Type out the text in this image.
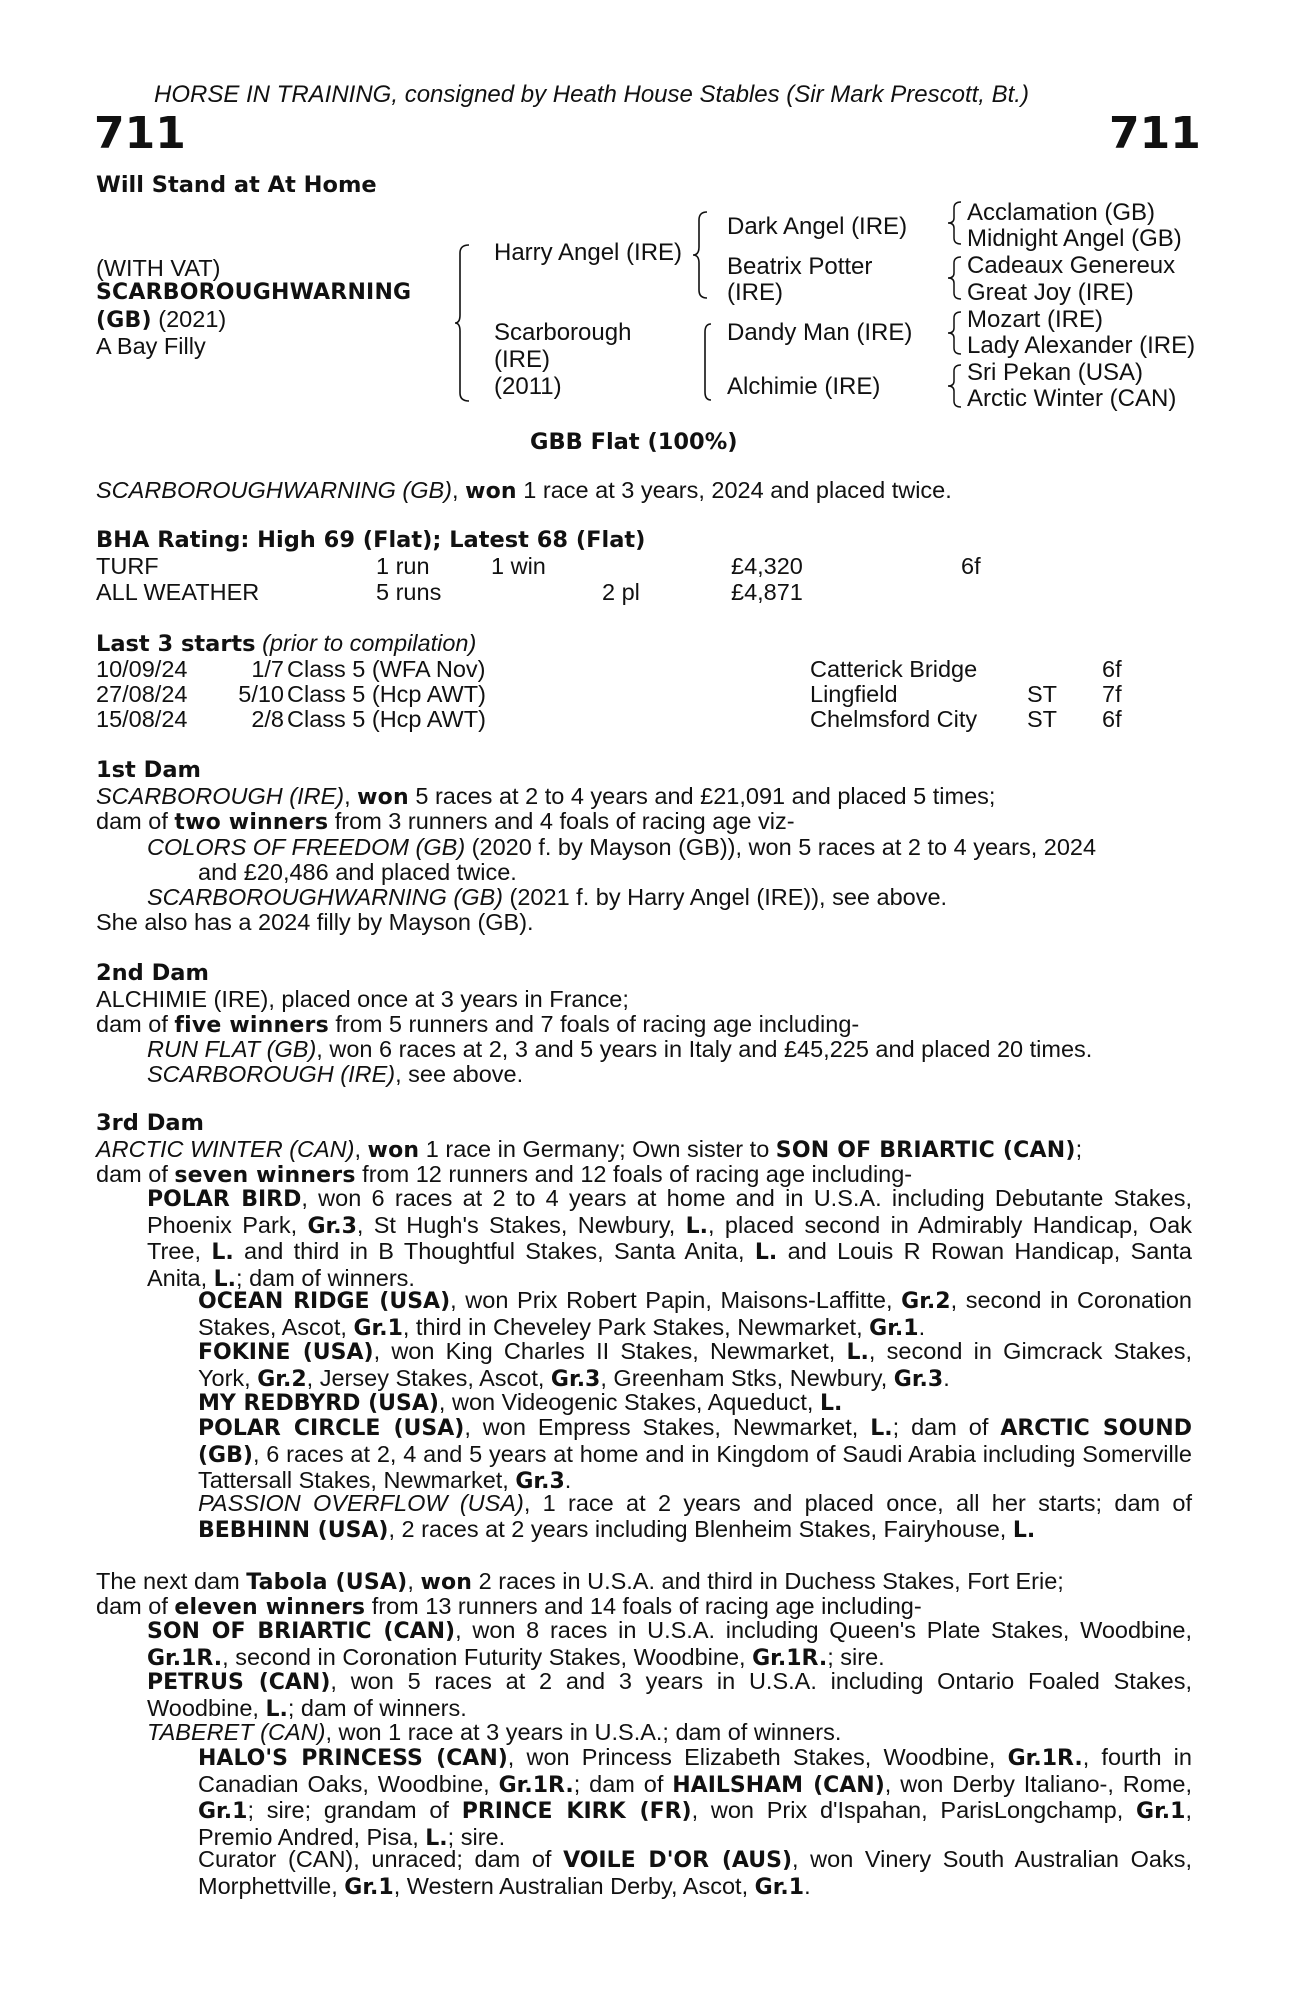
HORSE IN TRAINING, consigned by Heath House Stables (Sir Mark Prescott, Bt.)
711	711
Will Stand at At Home
(WITH VAT)
SCARBOROUGHWARNING
(GB) (2021)
A Bay Filly
Harry Angel (IRE)
Scarborough
(IRE)
(2011)
Dark Angel (IRE)
Beatrix Potter
(IRE)
Dandy Man (IRE)
Alchimie (IRE)
Acclamation (GB)
Midnight Angel (GB)
Cadeaux Genereux
Great Joy (IRE)
Mozart (IRE)
Lady Alexander (IRE)
Sri Pekan (USA)
Arctic Winter (CAN)
GBB Flat (100%)
SCARBOROUGHWARNING (GB), won 1 race at 3 years, 2024 and placed twice.
BHA Rating: High 69 (Flat); Latest 68 (Flat)
TURF	1 run	1 win	£4,320	6f
ALL WEATHER	5 runs	2 pl	£4,871
Last 3 starts (prior to compilation)
10/09/24	1/7 Class 5 (WFA Nov)	Catterick Bridge	6f
27/08/24 5/10 Class 5 (Hcp AWT)	Lingfield	ST 7f
15/08/24	2/8 Class 5 (Hcp AWT)	Chelmsford City ST 6f
1st Dam
SCARBOROUGH (IRE), won 5 races at 2 to 4 years and £21,091 and placed 5 times;
dam of two winners from 3 runners and 4 foals of racing age viz-
COLORS OF FREEDOM (GB) (2020 f. by Mayson (GB)), won 5 races at 2 to 4 years, 2024
and £20,486 and placed twice.
SCARBOROUGHWARNING (GB) (2021 f. by Harry Angel (IRE)), see above.
She also has a 2024 filly by Mayson (GB).
2nd Dam
ALCHIMIE (IRE), placed once at 3 years in France;
dam of five winners from 5 runners and 7 foals of racing age including-
RUN FLAT (GB), won 6 races at 2, 3 and 5 years in Italy and £45,225 and placed 20 times.
SCARBOROUGH (IRE), see above.
3rd Dam
ARCTIC WINTER (CAN), won 1 race in Germany; Own sister to SON OF BRIARTIC (CAN);
dam of seven winners from 12 runners and 12 foals of racing age including-
POLAR BIRD, won 6 races at 2 to 4 years at home and in U.S.A. including Debutante Stakes, Phoenix Park, Gr.3, St Hugh's Stakes, Newbury, L., placed second in Admirably Handicap, Oak Tree, L. and third in B Thoughtful Stakes, Santa Anita, L. and Louis R Rowan Handicap, Santa Anita, L.; dam of winners.
OCEAN RIDGE (USA), won Prix Robert Papin, Maisons-Laffitte, Gr.2, second in Coronation Stakes, Ascot, Gr.1, third in Cheveley Park Stakes, Newmarket, Gr.1.
FOKINE (USA), won King Charles II Stakes, Newmarket, L., second in Gimcrack Stakes, York, Gr.2, Jersey Stakes, Ascot, Gr.3, Greenham Stks, Newbury, Gr.3.
MY REDBYRD (USA), won Videogenic Stakes, Aqueduct, L.
POLAR CIRCLE (USA), won Empress Stakes, Newmarket, L.; dam of ARCTIC SOUND (GB), 6 races at 2, 4 and 5 years at home and in Kingdom of Saudi Arabia including Somerville Tattersall Stakes, Newmarket, Gr.3.
PASSION OVERFLOW (USA), 1 race at 2 years and placed once, all her starts; dam of BEBHINN (USA), 2 races at 2 years including Blenheim Stakes, Fairyhouse, L.
The next dam Tabola (USA), won 2 races in U.S.A. and third in Duchess Stakes, Fort Erie;
dam of eleven winners from 13 runners and 14 foals of racing age including-
SON OF BRIARTIC (CAN), won 8 races in U.S.A. including Queen's Plate Stakes, Woodbine, Gr.1R., second in Coronation Futurity Stakes, Woodbine, Gr.1R.; sire.
PETRUS (CAN), won 5 races at 2 and 3 years in U.S.A. including Ontario Foaled Stakes, Woodbine, L.; dam of winners.
TABERET (CAN), won 1 race at 3 years in U.S.A.; dam of winners.
HALO'S PRINCESS (CAN), won Princess Elizabeth Stakes, Woodbine, Gr.1R., fourth in Canadian Oaks, Woodbine, Gr.1R.; dam of HAILSHAM (CAN), won Derby Italiano-, Rome, Gr.1; sire; grandam of PRINCE KIRK (FR), won Prix d'Ispahan, ParisLongchamp, Gr.1, Premio Andred, Pisa, L.; sire.
Curator (CAN), unraced; dam of VOILE D'OR (AUS), won Vinery South Australian Oaks, Morphettville, Gr.1, Western Australian Derby, Ascot, Gr.1.
